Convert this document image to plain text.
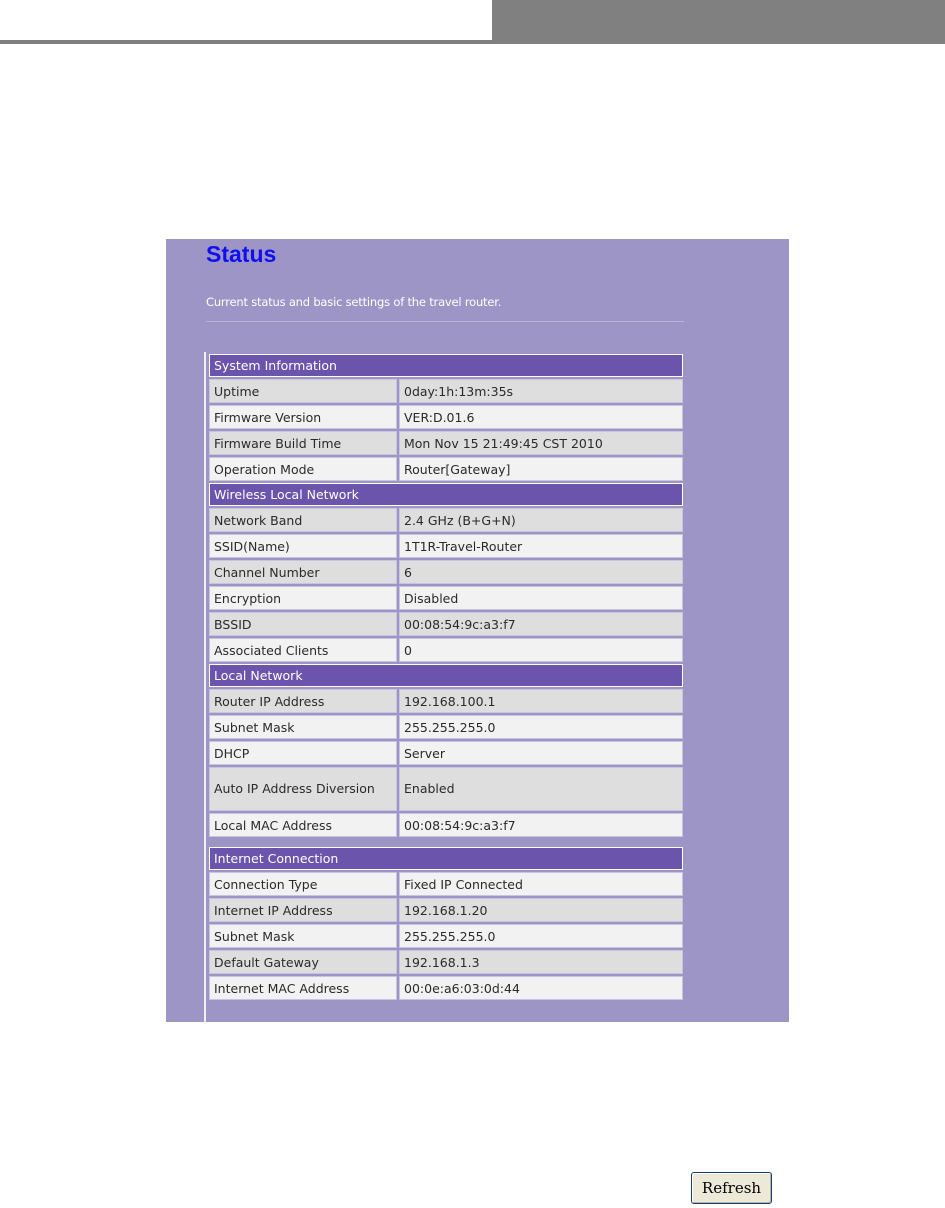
Status

Current status and basic settings of the travel router.

System Information	
Uptime	0day:1h:13m:35s
Firmware Version	VER:D.01.6
Firmware Build Time	Mon Nov 15 21:49:45 CST 2010
Operation Mode	Router[Gateway]
Wireless Local Network	
Network Band	2.4 GHz (B+G+N)
SSID(Name)	1T1R-Travel-Router
Channel Number	6
Encryption	Disabled
BSSID	00:08:54:9c:a3:f7
Associated Clients	0
Local Network	
Router IP Address	192.168.100.1
Subnet Mask	255.255.255.0
DHCP	Server
Auto IP Address Diversion	Enabled
Local MAC Address	00:08:54:9c:a3:f7

Internet Connection	
Connection Type	Fixed IP Connected
Internet IP Address	192.168.1.20
Subnet Mask	255.255.255.0
Default Gateway	192.168.1.3
Internet MAC Address	00:0e:a6:03:0d:44
Refresh
